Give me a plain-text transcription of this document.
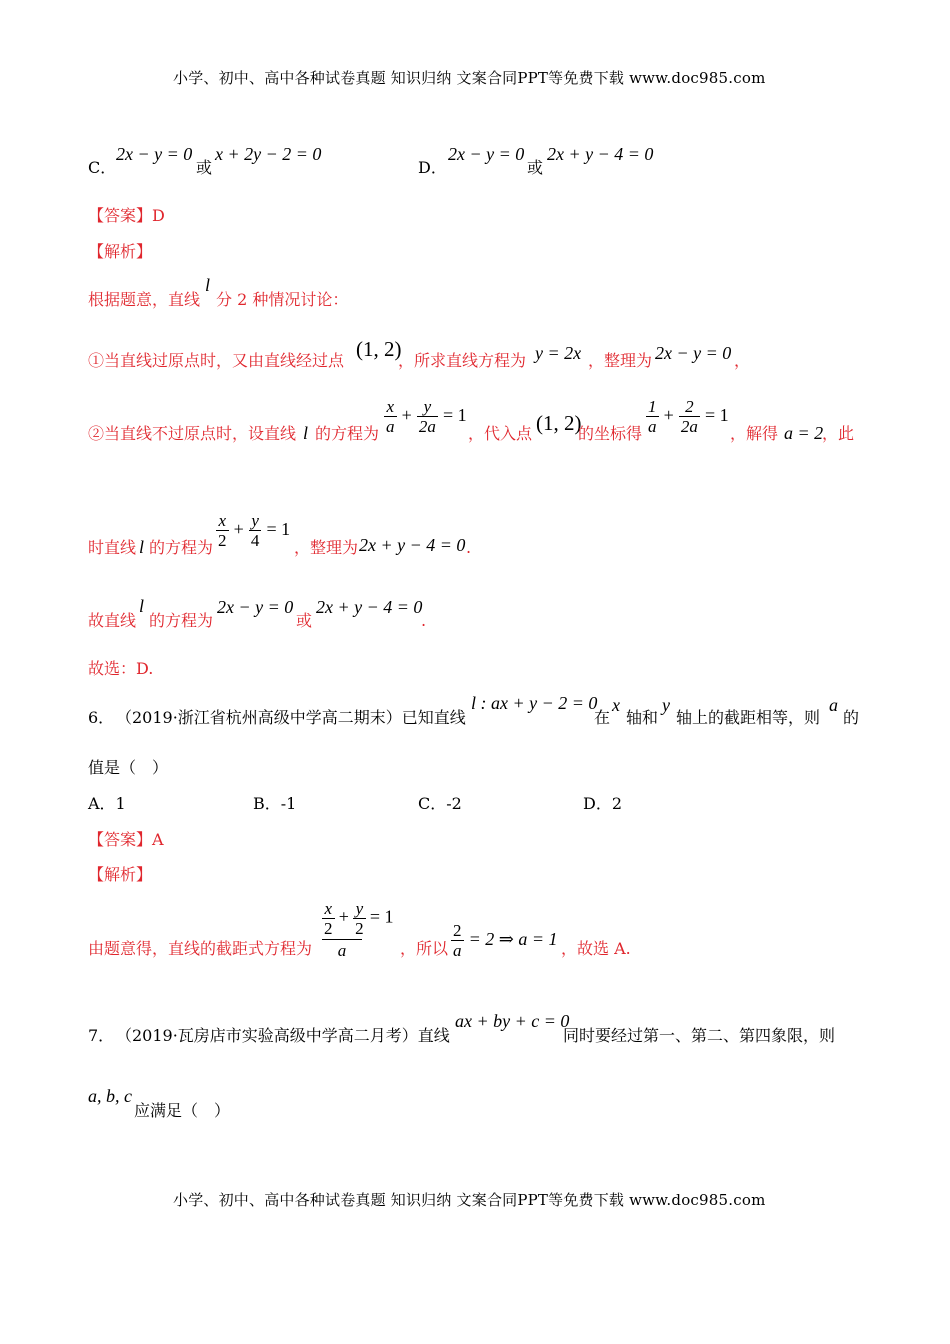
小学、初中、高中各种试卷真题 知识归纳 文案合同PPT等免费下载 www.doc985.com
C．
2x − y = 0
或
x + 2y − 2 = 0
D．
2x − y = 0
或
2x + y − 4 = 0
【答案】D
【解析】
根据题意，直线
l
分 2 种情况讨论：
①当直线过原点时，又由直线经过点 (1, 2)
，所求直线方程为 y = 2x ，整理为 2x − y = 0 ，
②当直线不过原点时，设直线 l 的方程为 $\frac{x}{a} + \frac{y}{2a} = 1$
，代入点 (1, 2)
的坐标得 $\frac{1}{a} + \frac{2}{2a} = 1$
，解得 a = 2
，此
时直线 l 的方程为 $\frac{x}{2} + \frac{y}{4} = 1$
，整理为 2x + y − 4 = 0 .
故直线
l
的方程为
2x − y = 0
或
2x + y − 4 = 0
.
故选：D.
6． （2019·浙江省杭州高级中学高二期末）已知直线
l : ax + y − 2 = 0
在
x
轴和
y
轴上的截距相等，则
a
的
值是（　）
A．1	B．-1	C．-2	D．2
【答案】A
【解析】
由题意得，直线的截距式方程为 $\frac{\frac{x}{2} + \frac{y}{2} = 1}{a}$ ，所以 $\frac{2}{a} = 2$ ⇒ a = 1 ，故选 A.
7． （2019·瓦房店市实验高级中学高二月考）直线
ax + by + c = 0
同时要经过第一、第二、第四象限，则
a, b, c
应满足（　）
小学、初中、高中各种试卷真题 知识归纳 文案合同PPT等免费下载 www.doc985.com
